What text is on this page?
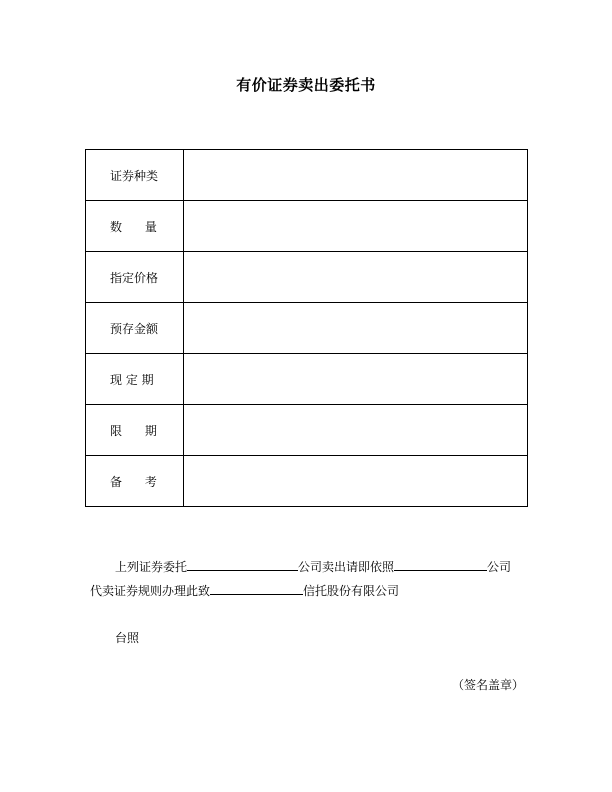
有价证券卖出委托书
证券种类	
数      量	
指定价格	
预存金额	
现 定 期	
限      期	
备      考	
上列证券委托	公司卖出请即依照	公司
代卖证券规则办理此致	信托股份有限公司
台照
（签名盖章）
